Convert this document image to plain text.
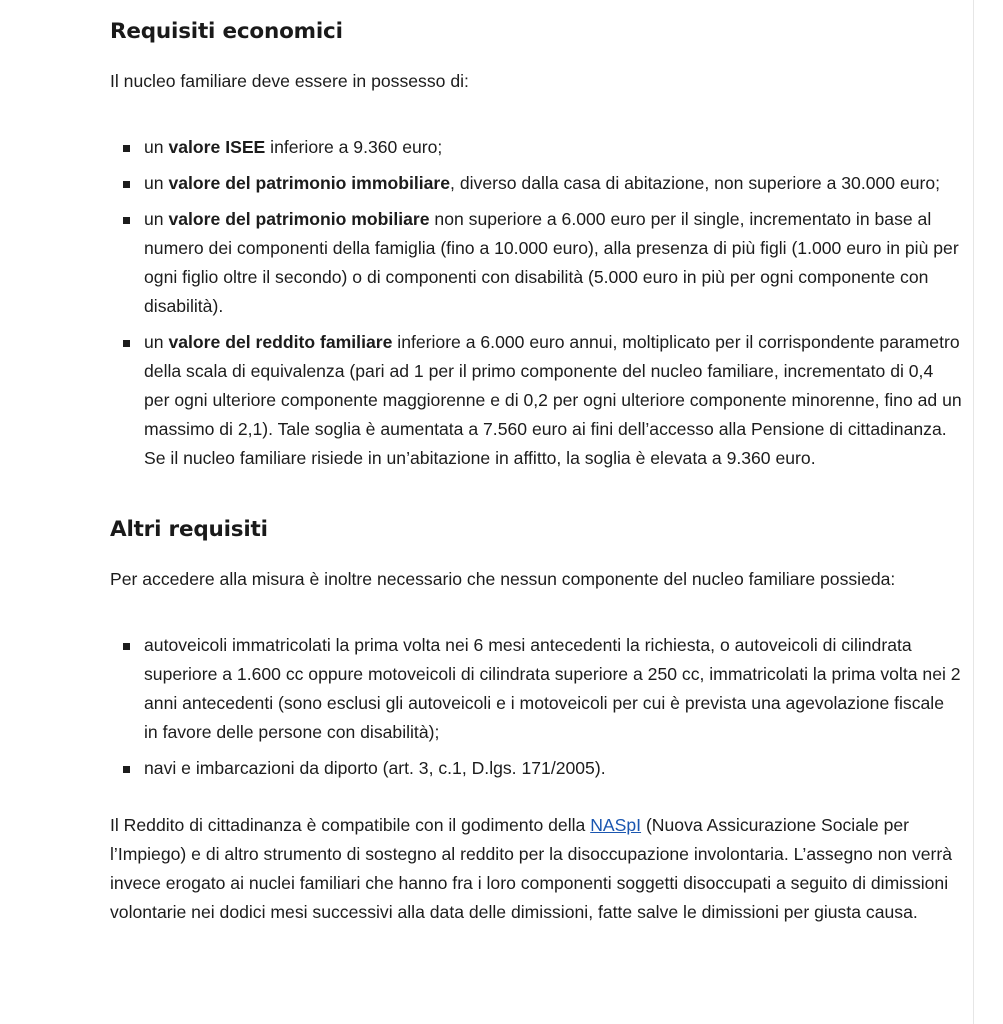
Requisiti economici

Il nucleo familiare deve essere in possesso di:

un valore ISEE inferiore a 9.360 euro;
un valore del patrimonio immobiliare, diverso dalla casa di abitazione, non superiore a 30.000 euro;
un valore del patrimonio mobiliare non superiore a 6.000 euro per il single, incrementato in base al numero dei componenti della famiglia (fino a 10.000 euro), alla presenza di più figli (1.000 euro in più per ogni figlio oltre il secondo) o di componenti con disabilità (5.000 euro in più per ogni componente con disabilità).
un valore del reddito familiare inferiore a 6.000 euro annui, moltiplicato per il corrispondente parametro della scala di equivalenza (pari ad 1 per il primo componente del nucleo familiare, incrementato di 0,4 per ogni ulteriore componente maggiorenne e di 0,2 per ogni ulteriore componente minorenne, fino ad un massimo di 2,1). Tale soglia è aumentata a 7.560 euro ai fini dell’accesso alla Pensione di cittadinanza. Se il nucleo familiare risiede in un’abitazione in affitto, la soglia è elevata a 9.360 euro.
Altri requisiti

Per accedere alla misura è inoltre necessario che nessun componente del nucleo familiare possieda:

autoveicoli immatricolati la prima volta nei 6 mesi antecedenti la richiesta, o autoveicoli di cilindrata superiore a 1.600 cc oppure motoveicoli di cilindrata superiore a 250 cc, immatricolati la prima volta nei 2 anni antecedenti (sono esclusi gli autoveicoli e i motoveicoli per cui è prevista una agevolazione fiscale in favore delle persone con disabilità);
navi e imbarcazioni da diporto (art. 3, c.1, D.lgs. 171/2005).

Il Reddito di cittadinanza è compatibile con il godimento della NASpI (Nuova Assicurazione Sociale per l’Impiego) e di altro strumento di sostegno al reddito per la disoccupazione involontaria. L’assegno non verrà invece erogato ai nuclei familiari che hanno fra i loro componenti soggetti disoccupati a seguito di dimissioni volontarie nei dodici mesi successivi alla data delle dimissioni, fatte salve le dimissioni per giusta causa.
